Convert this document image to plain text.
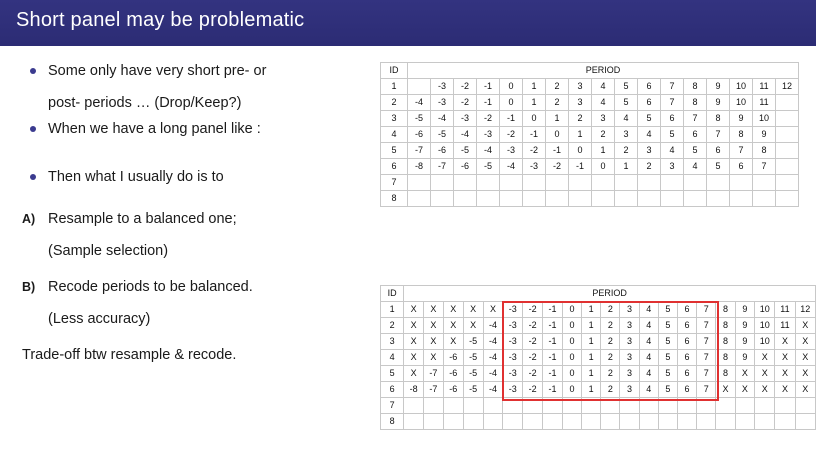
Short panel may be problematic
Some only have very short pre- or
post- periods … (Drop/Keep?)
When we have a long panel like :
Then what I usually do is to
A) Resample to a balanced one;
(Sample selection)
B) Recode periods to be balanced.
(Less accuracy)
Trade-off btw resample & recode.
ID	PERIOD																
1		-3	-2	-1	0	1	2	3	4	5	6	7	8	9	10	11	12
2	-4	-3	-2	-1	0	1	2	3	4	5	6	7	8	9	10	11	
3	-5	-4	-3	-2	-1	0	1	2	3	4	5	6	7	8	9	10	
4	-6	-5	-4	-3	-2	-1	0	1	2	3	4	5	6	7	8	9	
5	-7	-6	-5	-4	-3	-2	-1	0	1	2	3	4	5	6	7	8	
6	-8	-7	-6	-5	-4	-3	-2	-1	0	1	2	3	4	5	6	7	
7																	
8																	
ID	PERIOD																				
1	X	X	X	X	X	-3	-2	-1	0	1	2	3	4	5	6	7	8	9	10	11	12
2	X	X	X	X	-4	-3	-2	-1	0	1	2	3	4	5	6	7	8	9	10	11	X
3	X	X	X	-5	-4	-3	-2	-1	0	1	2	3	4	5	6	7	8	9	10	X	X
4	X	X	-6	-5	-4	-3	-2	-1	0	1	2	3	4	5	6	7	8	9	X	X	X
5	X	-7	-6	-5	-4	-3	-2	-1	0	1	2	3	4	5	6	7	8	X	X	X	X
6	-8	-7	-6	-5	-4	-3	-2	-1	0	1	2	3	4	5	6	7	X	X	X	X	X
7																					
8																					
